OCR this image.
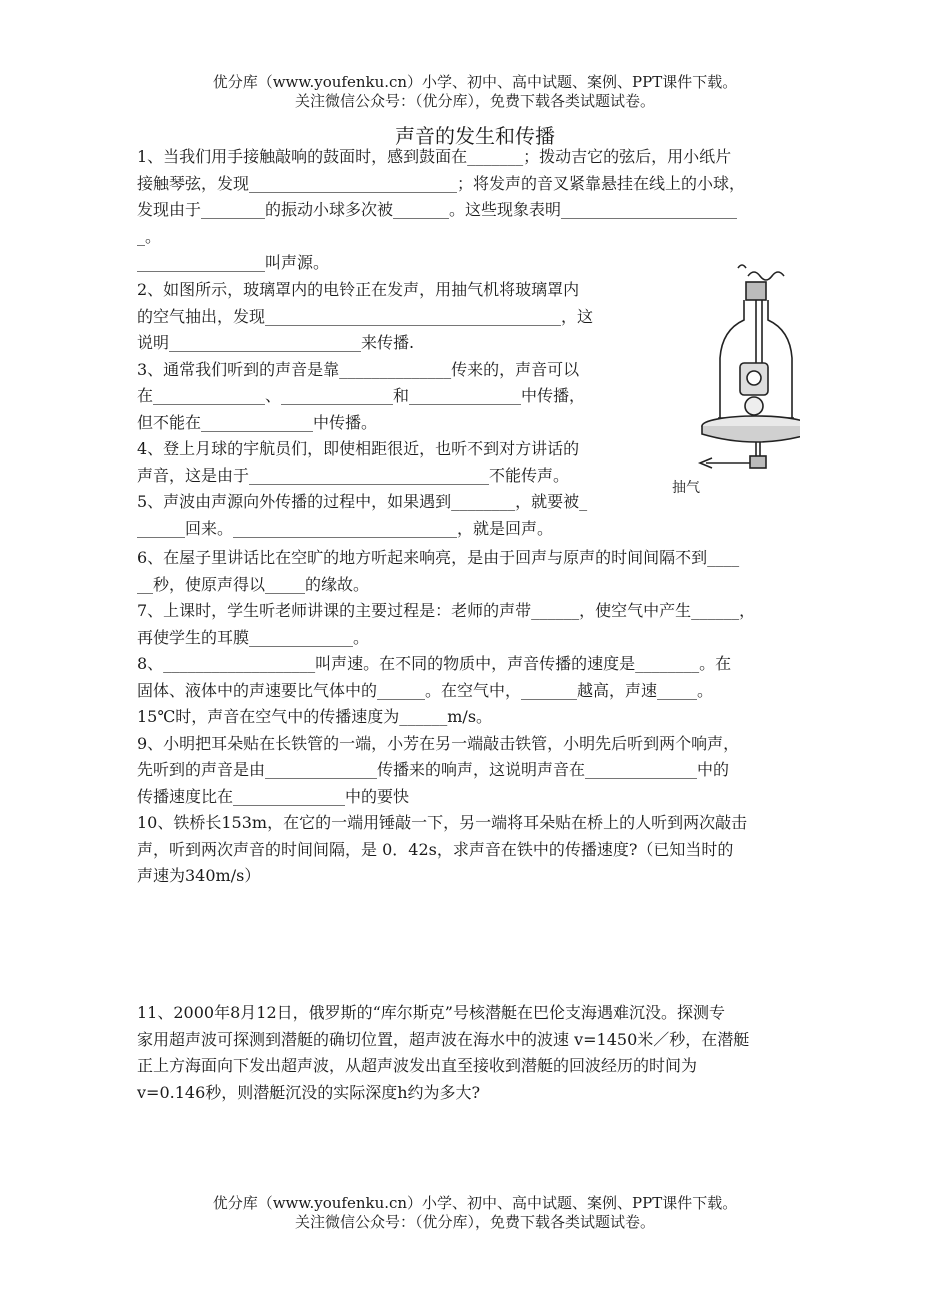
优分库（www.youfenku.cn）小学、初中、高中试题、案例、PPT课件下载。
关注微信公众号：（优分库），免费下载各类试题试卷。
声音的发生和传播
1、当我们用手接触敲响的鼓面时，感到鼓面在_______；拨动吉它的弦后，用小纸片
接触琴弦，发现__________________________；将发声的音叉紧靠悬挂在线上的小球，
发现由于________的振动小球多次被_______。这些现象表明______________________
_。
________________叫声源。
2、如图所示，玻璃罩内的电铃正在发声，用抽气机将玻璃罩内
的空气抽出，发现_____________________________________，这
说明________________________来传播.
3、通常我们听到的声音是靠______________传来的，声音可以
在______________、______________和______________中传播，
但不能在______________中传播。
4、登上月球的宇航员们，即使相距很近，也听不到对方讲话的
声音，这是由于______________________________不能传声。
5、声波由声源向外传播的过程中，如果遇到________，就要被_
______回来。____________________________，就是回声。
抽气
6、在屋子里讲话比在空旷的地方听起来响亮，是由于回声与原声的时间间隔不到____
__秒，使原声得以_____的缘故。
7、上课时，学生听老师讲课的主要过程是：老师的声带______，使空气中产生______，
再使学生的耳膜_____________。
8、___________________叫声速。在不同的物质中，声音传播的速度是________。在
固体、液体中的声速要比气体中的______。在空气中，_______越高，声速_____。
15℃时，声音在空气中的传播速度为______m/s。
9、小明把耳朵贴在长铁管的一端，小芳在另一端敲击铁管，小明先后听到两个响声，
先听到的声音是由______________传播来的响声，这说明声音在______________中的
传播速度比在______________中的要快
10、铁桥长153m，在它的一端用锤敲一下，另一端将耳朵贴在桥上的人听到两次敲击
声，听到两次声音的时间间隔，是 0．42s，求声音在铁中的传播速度?（已知当时的
声速为340m/s）
11、2000年8月12日，俄罗斯的“库尔斯克”号核潜艇在巴伦支海遇难沉没。探测专
家用超声波可探测到潜艇的确切位置，超声波在海水中的波速 v=1450米／秒，在潜艇
正上方海面向下发出超声波，从超声波发出直至接收到潜艇的回波经历的时间为
v=0.146秒，则潜艇沉没的实际深度h约为多大?
优分库（www.youfenku.cn）小学、初中、高中试题、案例、PPT课件下载。
关注微信公众号：（优分库），免费下载各类试题试卷。
